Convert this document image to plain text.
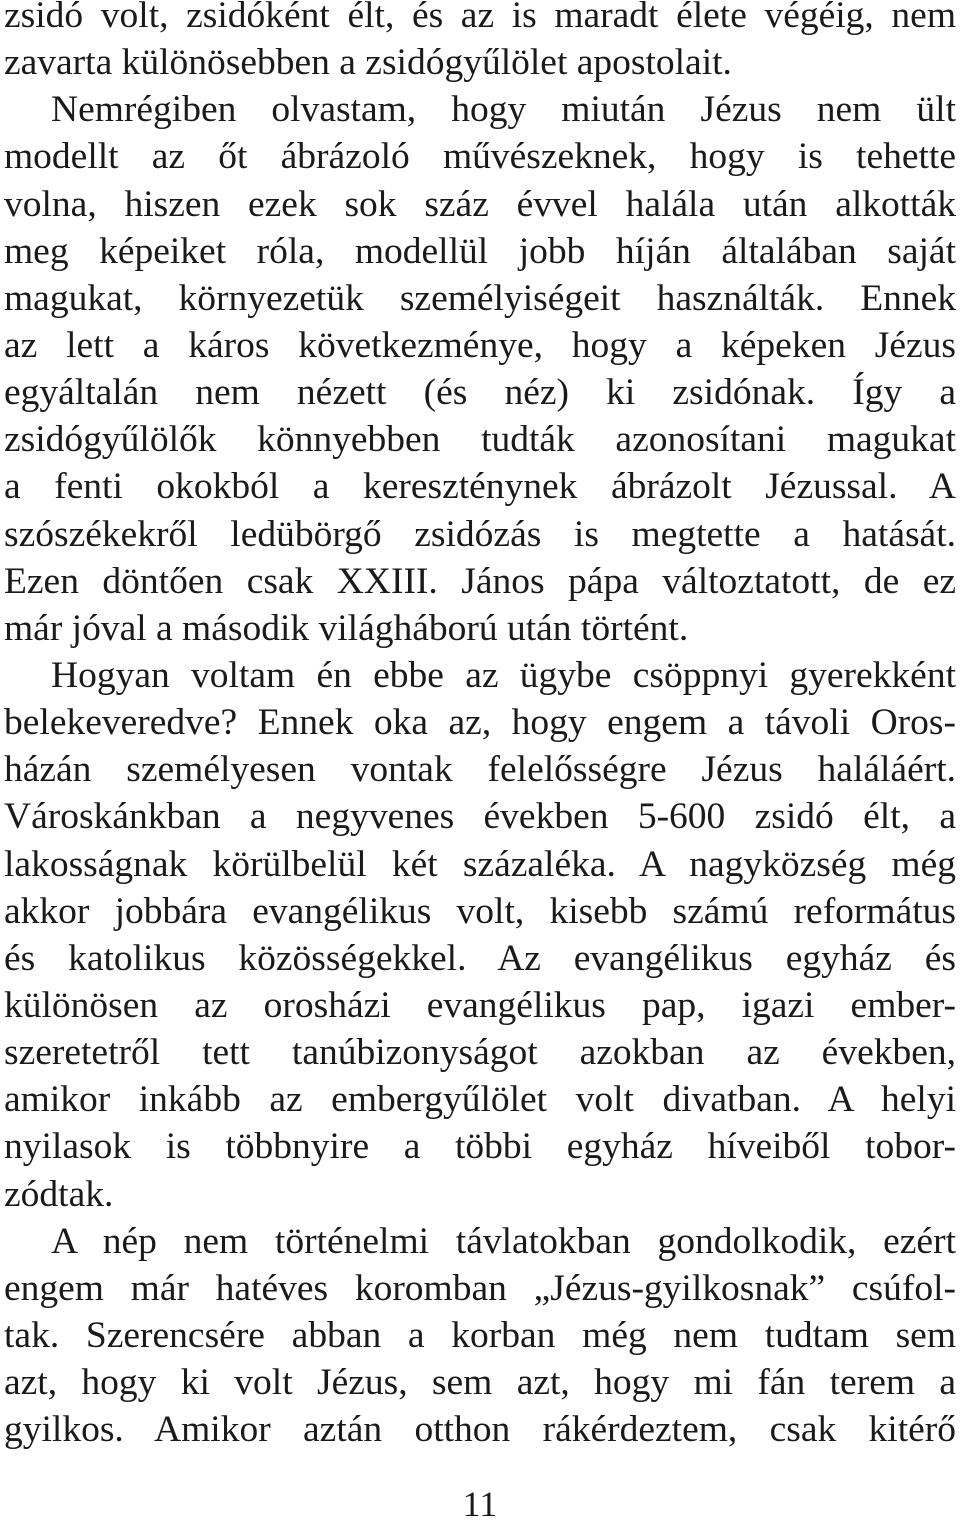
zsidó volt, zsidóként élt, és az is maradt élete végéig, nem
zavarta különösebben a zsidógyűlölet apostolait.
Nemrégiben olvastam, hogy miután Jézus nem ült
modellt az őt ábrázoló művészeknek, hogy is tehette
volna, hiszen ezek sok száz évvel halála után alkották
meg képeiket róla, modellül jobb híján általában saját
magukat, környezetük személyiségeit használták. Ennek
az lett a káros következménye, hogy a képeken Jézus
egyáltalán nem nézett (és néz) ki zsidónak. Így a
zsidógyűlölők könnyebben tudták azonosítani magukat
a fenti okokból a kereszténynek ábrázolt Jézussal. A
szószékekről ledübörgő zsidózás is megtette a hatását.
Ezen döntően csak XXIII. János pápa változtatott, de ez
már jóval a második világháború után történt.
Hogyan voltam én ebbe az ügybe csöppnyi gyerekként
belekeveredve? Ennek oka az, hogy engem a távoli Oros-
házán személyesen vontak felelősségre Jézus haláláért.
Városkánkban a negyvenes években 5-600 zsidó élt, a
lakosságnak körülbelül két százaléka. A nagyközség még
akkor jobbára evangélikus volt, kisebb számú református
és katolikus közösségekkel. Az evangélikus egyház és
különösen az orosházi evangélikus pap, igazi ember-
szeretetről tett tanúbizonyságot azokban az években,
amikor inkább az embergyűlölet volt divatban. A helyi
nyilasok is többnyire a többi egyház híveiből tobor-
zódtak.
A nép nem történelmi távlatokban gondolkodik, ezért
engem már hatéves koromban „Jézus-gyilkosnak” csúfol-
tak. Szerencsére abban a korban még nem tudtam sem
azt, hogy ki volt Jézus, sem azt, hogy mi fán terem a
gyilkos. Amikor aztán otthon rákérdeztem, csak kitérő
11
